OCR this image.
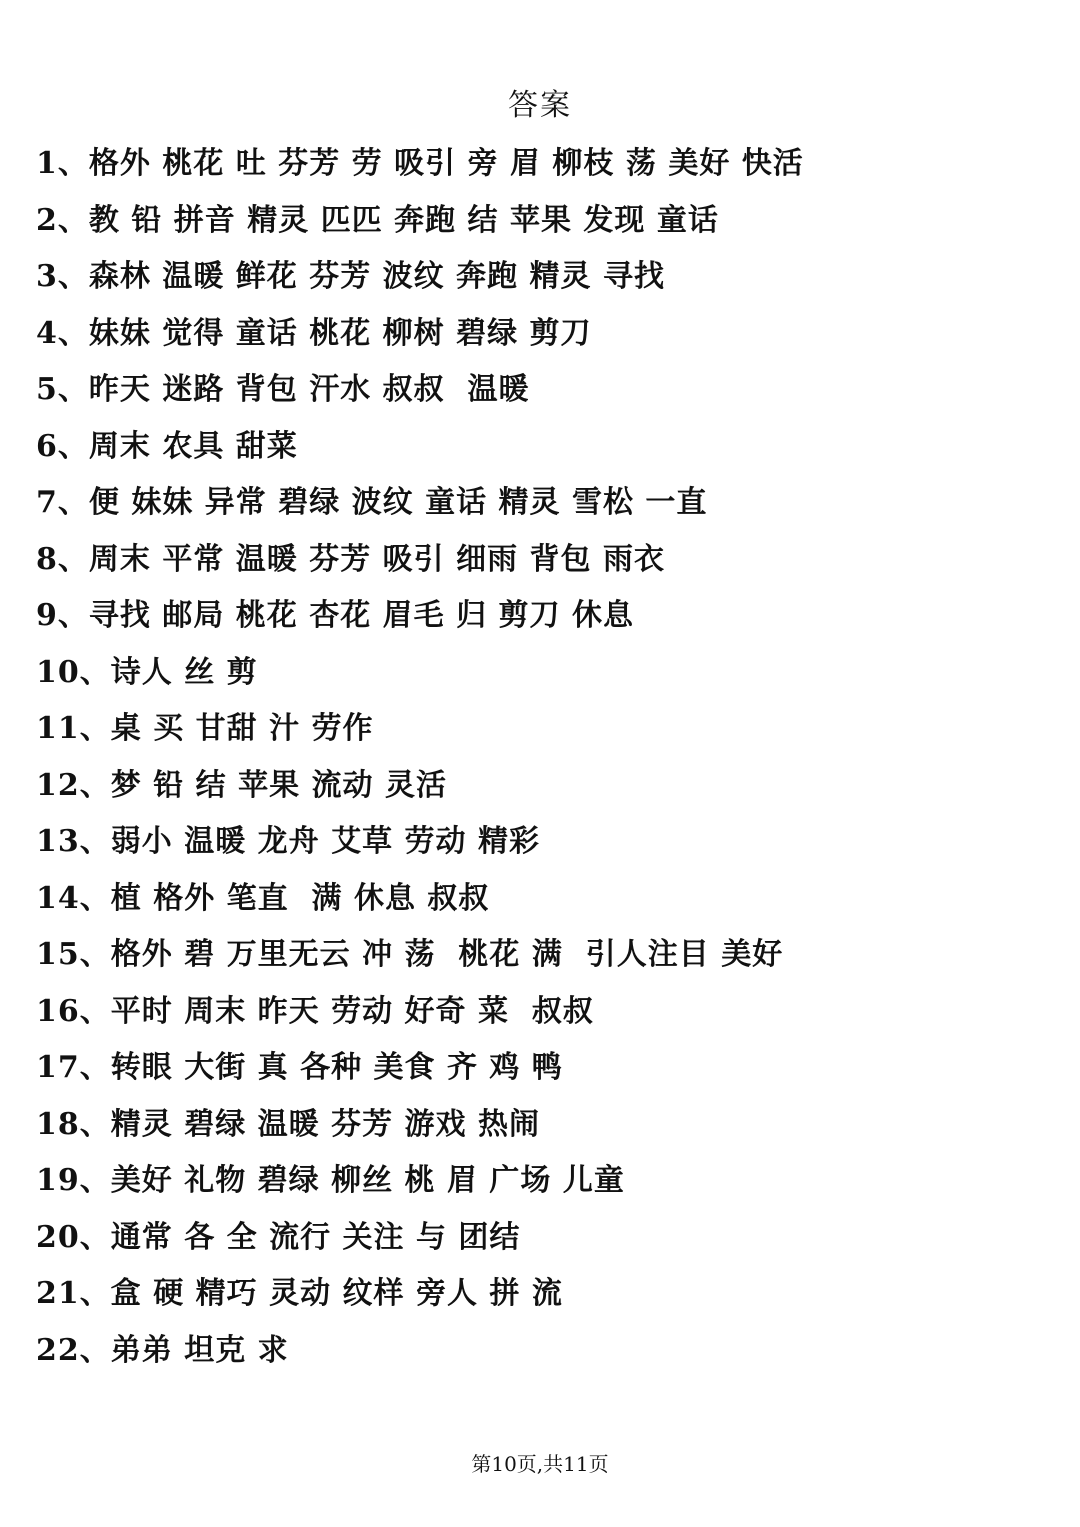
答案
1、格外 桃花 吐 芬芳 劳 吸引 旁 眉 柳枝 荡 美好 快活
2、教 铅 拼音 精灵 匹匹 奔跑 结 苹果 发现 童话
3、森林 温暖 鲜花 芬芳 波纹 奔跑 精灵 寻找
4、妹妹 觉得 童话 桃花 柳树 碧绿 剪刀
5、昨天 迷路 背包 汗水 叔叔  温暖
6、周末 农具 甜菜
7、便 妹妹 异常 碧绿 波纹 童话 精灵 雪松 一直
8、周末 平常 温暖 芬芳 吸引 细雨 背包 雨衣
9、寻找 邮局 桃花 杏花 眉毛 归 剪刀 休息
10、诗人 丝 剪
11、桌 买 甘甜 汁 劳作
12、梦 铅 结 苹果 流动 灵活
13、弱小 温暖 龙舟 艾草 劳动 精彩
14、植 格外 笔直  满 休息 叔叔
15、格外 碧 万里无云 冲 荡  桃花 满  引人注目 美好
16、平时 周末 昨天 劳动 好奇 菜  叔叔
17、转眼 大街 真 各种 美食 齐 鸡 鸭
18、精灵 碧绿 温暖 芬芳 游戏 热闹
19、美好 礼物 碧绿 柳丝 桃 眉 广场 儿童
20、通常 各 全 流行 关注 与 团结
21、盒 硬 精巧 灵动 纹样 旁人 拼 流
22、弟弟 坦克 求
第10页,共11页
